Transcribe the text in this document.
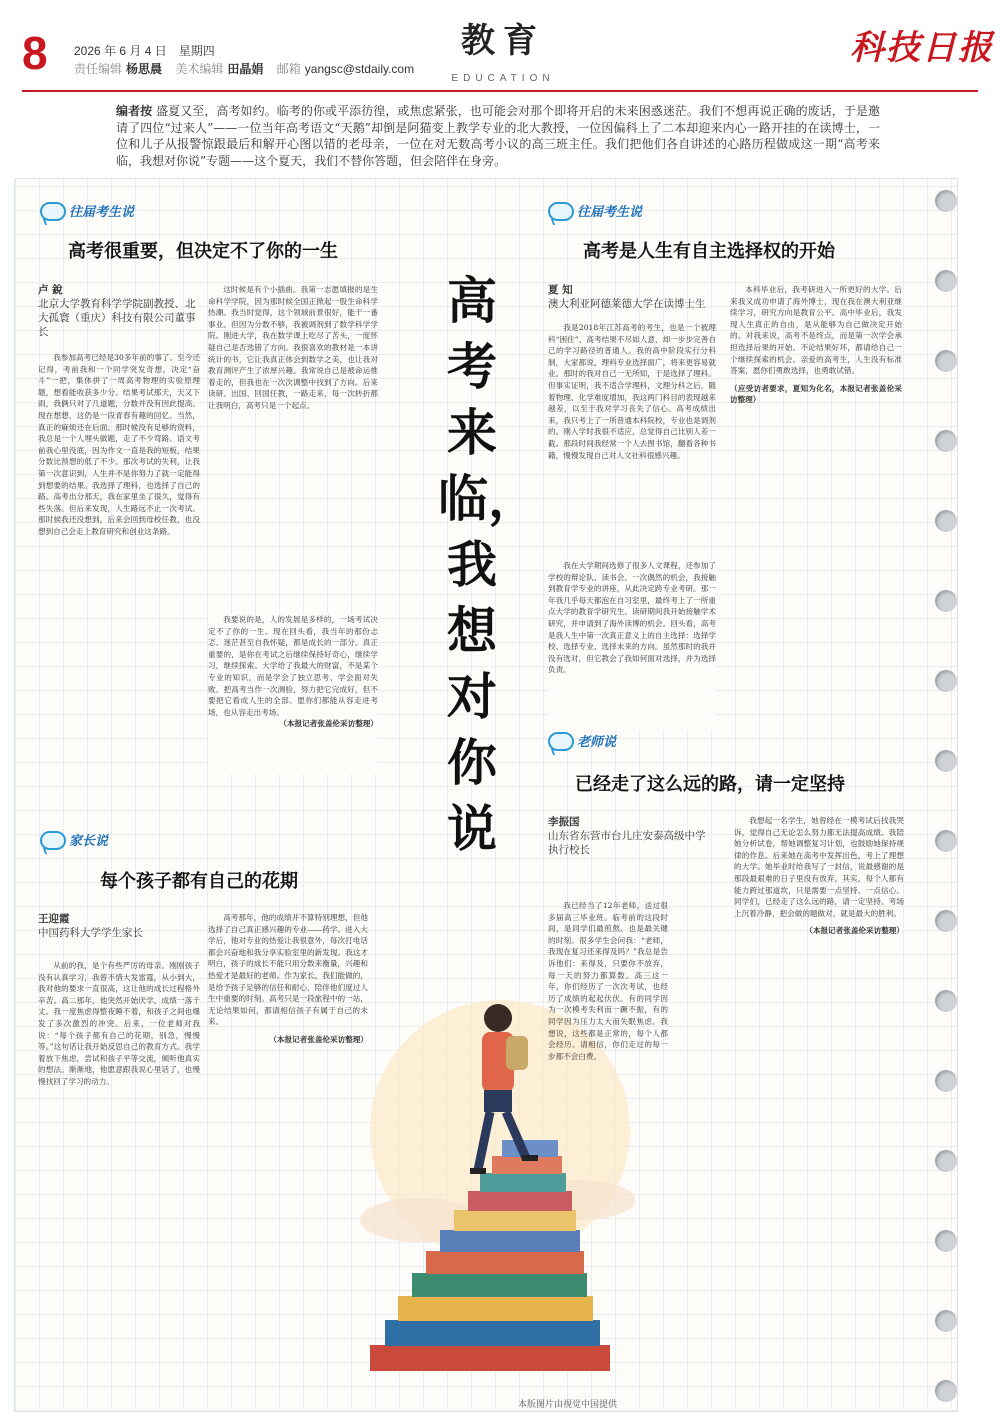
8 2026 年 6 月 4 日　星期四
责任编辑 杨思晨 美术编辑 田晶娟 邮箱 yangsc@stdaily.com
教育
EDUCATION
科技日报
编者按 盛夏又至，高考如约。临考的你或平添彷徨，或焦虑紧张，也可能会对那个即将开启的未来困惑迷茫。我们不想再说正确的废话，于是邀请了四位“过来人”——一位当年高考语文“天鹅”却倒是阿猫变上教学专业的北大教授，一位因偏科上了二本却迎来内心一路开挂的在读博士，一位和儿子从报警惊跟最后和解开心图以错的老母亲，一位在对无数高考小议的高三班主任。我们把他们各自讲述的心路历程做成这一期“高考来临，我想对你说”专题——这个夏天，我们不替你答题，但会陪伴在身旁。
高考来临，我想对你说
本版图片由视觉中国提供
往届考生说
高考很重要，但决定不了你的一生
卢 銳
北京大学教育科学学院副教授、北大孤寰（重庆）科技有限公司董事长

我参加高考已经是30多年前的事了。至今还记得，考前我和一个同学突发奇想，决定“奋斗”一把，集体拼了一周高考物理的实验原理题，想看能收获多少分。结果考试那天，天又下雨，我俩只对了几道题，分数并没有因此提高。现在想想，这仍是一段青春有趣的回忆。当然，真正的麻烦还在后面。那时候没有足够的资料，我总是一个人埋头做题，走了不少弯路。语文考前我心里没底，因为作文一直是我的短板，结果分数比预想的低了不少。那次考试的失利，让我第一次意识到，人生并不是你努力了就一定能得到想要的结果。我选择了理科，也选择了自己的路。高考出分那天，我在家里坐了很久，觉得有些失落。但后来发现，人生路远不止一次考试。那时候我还没想到，后来会回到母校任教，也没想到自己会走上教育研究和创业这条路。

这时候是有个小插曲。我第一志愿填报的是生命科学学院，因为那时候全国正掀起一股生命科学热潮。我当时觉得，这个领域前景很好，能干一番事业。但因为分数不够，我被调剂到了数学科学学院。刚进大学，我在数学课上吃尽了苦头，一度怀疑自己是否选错了方向。我很喜欢的教材是一本讲统计的书，它让我真正体会到数学之美，也让我对教育测评产生了浓厚兴趣。我常说自己是被命运推着走的，但我也在一次次调整中找到了方向。后来读研、出国、回国任教，一路走来，每一次转折都让我明白，高考只是一个起点。

我要说的是，人的发展是多样的，一场考试决定不了你的一生。现在回头看，我当年的那份忐忑、迷茫甚至自我怀疑，都是成长的一部分。真正重要的，是你在考试之后继续保持好奇心，继续学习，继续探索。大学给了我最大的财富，不是某个专业的知识，而是学会了独立思考、学会面对失败。把高考当作一次测验，努力把它完成好，但不要把它看成人生的全部。愿你们都能从容走进考场，也从容走出考场。

（本报记者张盖伦采访整理）
往届考生说
高考是人生有自主选择权的开始
夏 知
澳大利亚阿德莱德大学在读博士生

我是2018年江苏高考的考生，也是一个被理科“困住”、高考结果不尽如人意，却一步步完善自己的学习路径的普通人。我的高中阶段实行分科制，大家都说，理科专业选择面广，将来更容易就业。那时的我对自己一无所知，于是选择了理科。但事实证明，我不适合学理科，文理分科之后，随着物理、化学难度增加，我这两门科目的表现越来越差，以至于我对学习丧失了信心。高考成绩出来，我只考上了一所普通本科院校，专业也是调剂的。刚入学时我很不适应，总觉得自己比别人差一截。那段时间我经常一个人去图书馆，翻看各种书籍，慢慢发现自己对人文社科很感兴趣。

我在大学期间选修了很多人文课程，还参加了学校的辩论队、读书会。一次偶然的机会，我接触到教育学专业的讲座，从此决定跨专业考研。那一年我几乎每天都泡在自习室里，最终考上了一所重点大学的教育学研究生。读研期间我开始接触学术研究，并申请到了海外读博的机会。回头看，高考是我人生中第一次真正意义上的自主选择：选择学校、选择专业、选择未来的方向。虽然那时的我并没有选对，但它教会了我如何面对选择，并为选择负责。

本科毕业后，我考研进入一所更好的大学。后来我又成功申请了海外博士，现在我在澳大利亚继续学习，研究方向是教育公平。高中毕业后，我发现人生真正的自由，是从能够为自己做决定开始的。对我来说，高考不是终点，而是第一次学会承担选择后果的开始。不论结果好坏，都请给自己一个继续探索的机会。亲爱的高考生，人生没有标准答案，愿你们勇敢选择，也勇敢试错。

（应受访者要求，夏知为化名，本报记者张盖伦采访整理）
家长说
每个孩子都有自己的花期
王迎霞
中国药科大学学生家长

从前的我，是个有些严厉的母亲。刚刚孩子没有认真学习，我曾不惜大发雷霆，从小到大，我对他的要求一直很高，这让他的成长过程格外辛苦。高二那年，他突然开始厌学，成绩一落千丈。我一度焦虑得整夜睡不着，和孩子之间也爆发了多次激烈的冲突。后来，一位老师对我说：“每个孩子都有自己的花期，别急，慢慢等。”这句话让我开始反思自己的教育方式。我学着放下焦虑，尝试和孩子平等交流，倾听他真实的想法。渐渐地，他愿意跟我说心里话了，也慢慢找回了学习的动力。

高考那年，他的成绩并不算特别理想，但他选择了自己真正感兴趣的专业——药学。进入大学后，他对专业的热爱让我很意外，每次打电话都会兴奋地和我分享实验室里的新发现。我这才明白，孩子的成长不能只用分数来衡量，兴趣和热爱才是最好的老师。作为家长，我们能做的，是给予孩子足够的信任和耐心，陪伴他们度过人生中重要的时刻。高考只是一段旅程中的一站，无论结果如何，都请相信孩子有属于自己的未来。

（本报记者张盖伦采访整理）
老师说
已经走了这么远的路，请一定坚持
李振国
山东省东营市台儿庄安泰高级中学执行校长

我已经当了12年老师，送过很多届高三毕业班。临考前的这段时间，是同学们最煎熬、也是最关键的时刻。很多学生会问我：“老师，我现在复习还来得及吗？”我总是告诉他们：来得及，只要你不放弃，每一天的努力都算数。高三这一年，你们经历了一次次考试，也经历了成绩的起起伏伏。有的同学因为一次模考失利而一蹶不振，有的同学因为压力太大而失眠焦虑。我想说，这些都是正常的，每个人都会经历。请相信，你们走过的每一步都不会白费。

我想起一名学生，她曾经在一模考试后找我哭诉，觉得自己无论怎么努力都无法提高成绩。我陪她分析试卷，帮她调整复习计划，也鼓励她保持规律的作息。后来她在高考中发挥出色，考上了理想的大学。她毕业时给我写了一封信，说最感谢的是那段最艰难的日子里没有放弃。其实，每个人都有能力跨过那道坎，只是需要一点坚持、一点信心。同学们，已经走了这么远的路，请一定坚持。考场上沉着冷静，把会做的题做对，就是最大的胜利。

（本报记者张盖伦采访整理）
